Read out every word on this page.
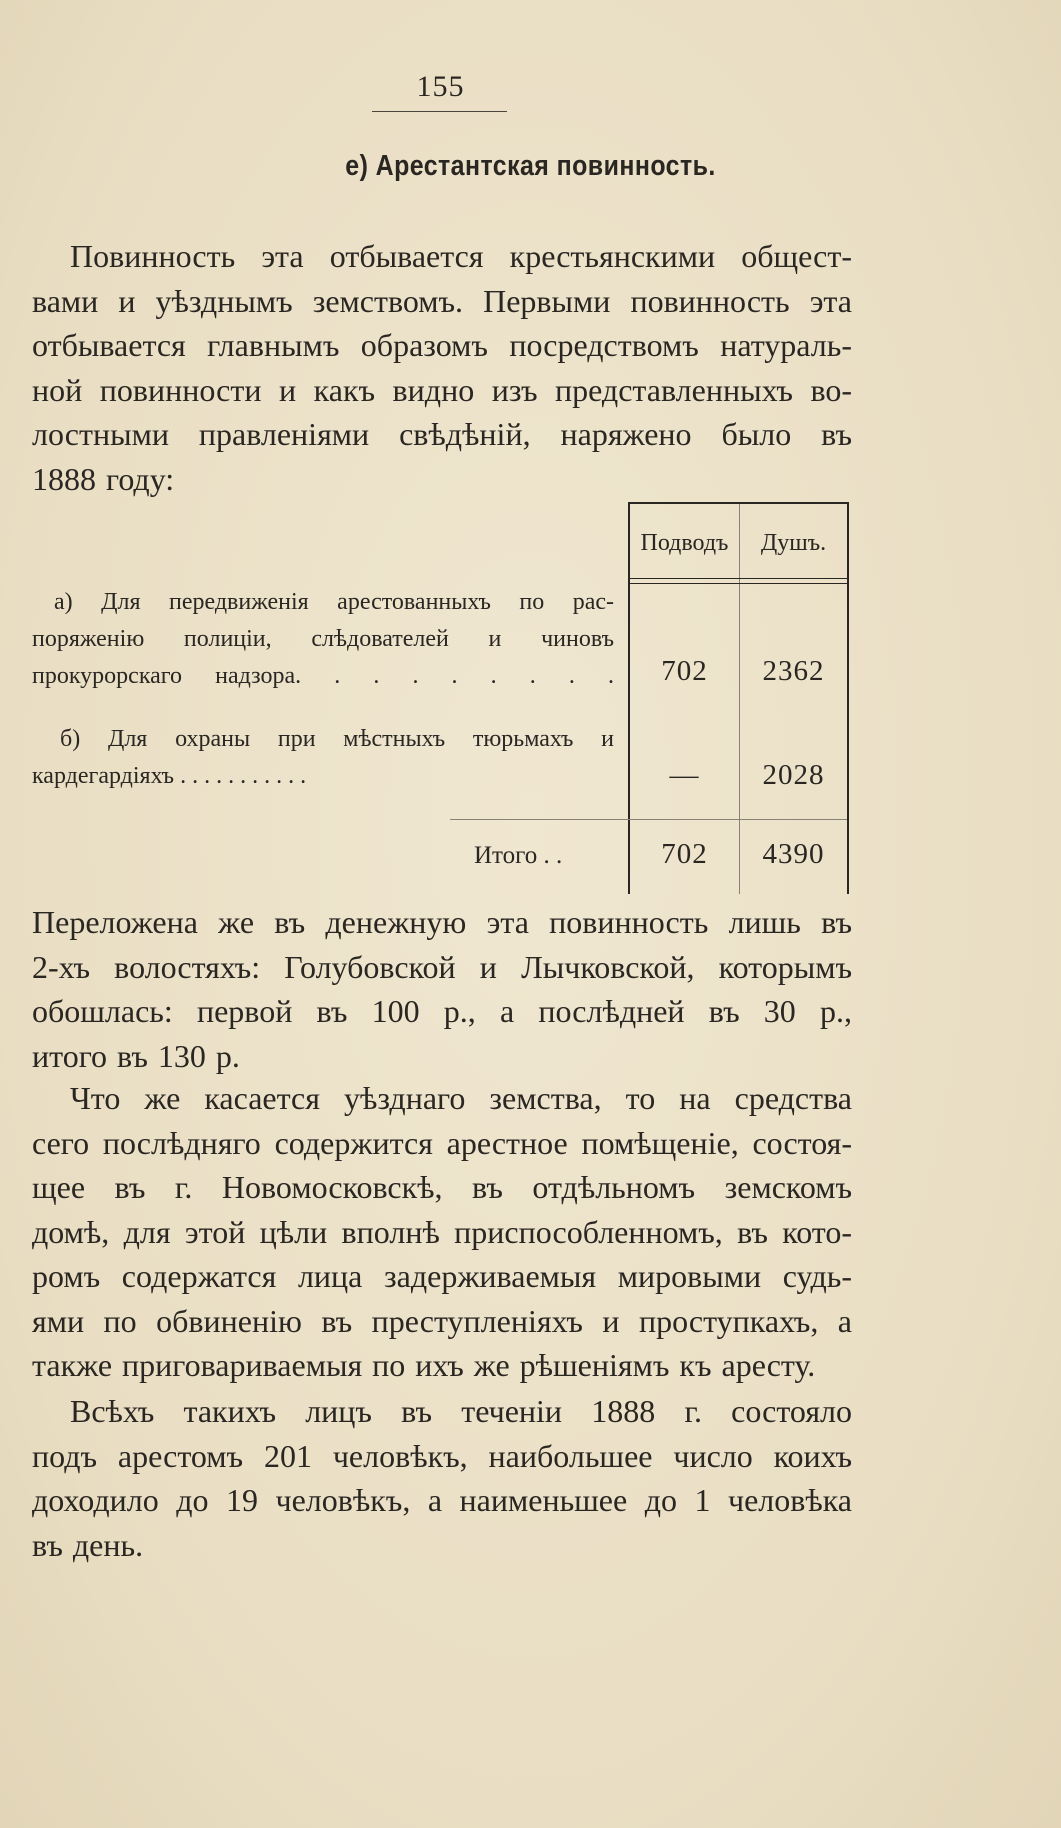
155
е) Арестантская повинность.
Повинность эта отбывается крестьянскими общест-
вами и уѣзднымъ земствомъ. Первыми повинность эта
отбывается главнымъ образомъ посредствомъ натураль-
ной повинности и какъ видно изъ представленныхъ во-
лостными правленіями свѣдѣній, наряжено было въ
1888 году:
Подводъ	Душъ.
а) Для передвиженія арестованныхъ по рас-
поряженію полиціи, слѣдователей и чиновъ
прокурорскаго надзора. . . . . . . . .	702	2362
б) Для охраны при мѣстныхъ тюрьмахъ и
кардегардіяхъ . . . . . . . . . . .	—	2028
Итого . .	702	4390
Переложена же въ денежную эта повинность лишь въ
2-хъ волостяхъ: Голубовской и Лычковской, которымъ
обошлась: первой въ 100 р., а послѣдней въ 30 р.,
итого въ 130 р.
Что же касается уѣзднаго земства, то на средства
сего послѣдняго содержится арестное помѣщеніе, состоя-
щее въ г. Новомосковскѣ, въ отдѣльномъ земскомъ
домѣ, для этой цѣли вполнѣ приспособленномъ, въ кото-
ромъ содержатся лица задерживаемыя мировыми судь-
ями по обвиненію въ преступленіяхъ и проступкахъ, а
также приговариваемыя по ихъ же рѣшеніямъ къ аресту.
Всѣхъ такихъ лицъ въ теченіи 1888 г. состояло
подъ арестомъ 201 человѣкъ, наибольшее число коихъ
доходило до 19 человѣкъ, а наименьшее до 1 человѣка
въ день.
